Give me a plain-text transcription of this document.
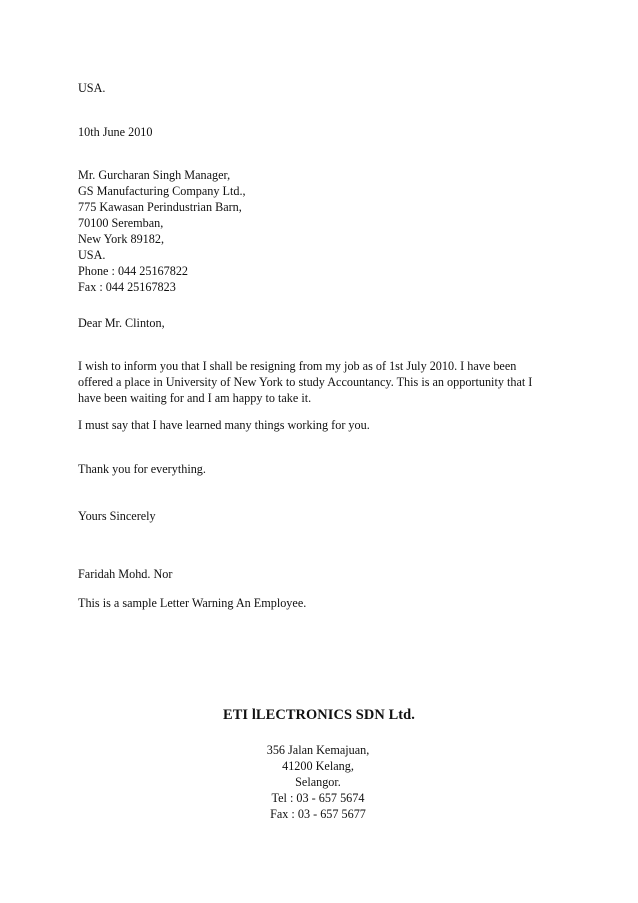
USA.
10th June 2010
Mr. Gurcharan Singh Manager,
GS Manufacturing Company Ltd.,
775 Kawasan Perindustrian Barn,
70100 Seremban,
New York 89182,
USA.
Phone : 044 25167822
Fax : 044 25167823
Dear Mr. Clinton,
I wish to inform you that I shall be resigning from my job as of 1st July 2010. I have been
offered a place in University of New York to study Accountancy. This is an opportunity that I
have been waiting for and I am happy to take it.
I must say that I have learned many things working for you.
Thank you for everything.
Yours Sincerely
Faridah Mohd. Nor
This is a sample Letter Warning An Employee.
ETI lLECTRONICS SDN Ltd.
356 Jalan Kemajuan,
41200 Kelang,
Selangor.
Tel : 03 - 657 5674
Fax : 03 - 657 5677
